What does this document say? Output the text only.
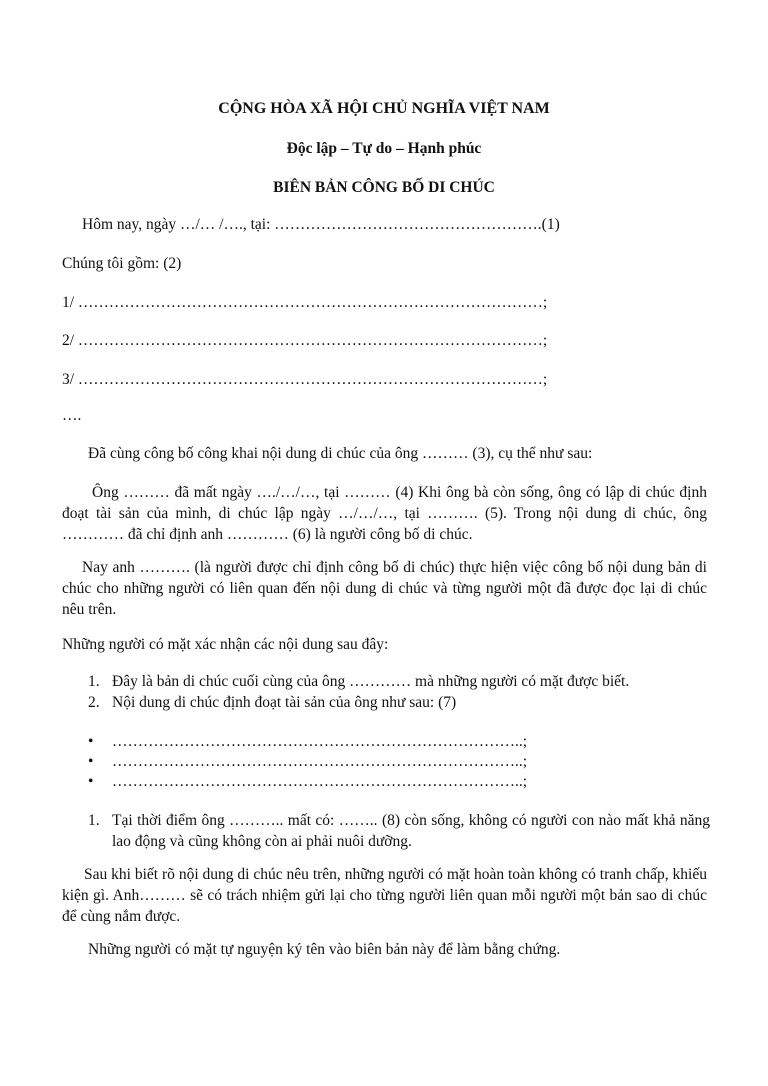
CỘNG HÒA XÃ HỘI CHỦ NGHĨA VIỆT NAM

Độc lập – Tự do – Hạnh phúc

BIÊN BẢN CÔNG BỐ DI CHÚC

Hôm nay, ngày …/… /…., tại: …………………………………………….(1)

Chúng tôi gồm: (2)

1/ ………………………………………………………………………………;

2/ ………………………………………………………………………………;

3/ ………………………………………………………………………………;

….

Đã cùng công bố công khai nội dung di chúc của ông ……… (3), cụ thể như sau:

Ông ……… đã mất ngày …./…/…, tại ……… (4) Khi ông bà còn sống, ông có lập di chúc định đoạt tài sản của mình, di chúc lập ngày …/…/…, tại ………. (5). Trong nội dung di chúc, ông ………… đã chỉ định anh ………… (6) là người công bố di chúc.

Nay anh ………. (là người được chỉ định công bố di chúc) thực hiện việc công bố nội dung bản di chúc cho những người có liên quan đến nội dung di chúc và từng người một đã được đọc lại di chúc nêu trên.

Những người có mặt xác nhận các nội dung sau đây:

1. Đây là bản di chúc cuối cùng của ông ………… mà những người có mặt được biết.

2. Nội dung di chúc định đoạt tài sản của ông như sau: (7)

• ……………………………………………………………………..;

• ……………………………………………………………………..;

• ……………………………………………………………………..;

1. Tại thời điểm ông ……….. mất có: …….. (8) còn sống, không có người con nào mất khả năng lao động và cũng không còn ai phải nuôi dưỡng.

Sau khi biết rõ nội dung di chúc nêu trên, những người có mặt hoàn toàn không có tranh chấp, khiếu kiện gì. Anh……… sẽ có trách nhiệm gửi lại cho từng người liên quan mỗi người một bản sao di chúc để cùng nắm được.

Những người có mặt tự nguyện ký tên vào biên bản này để làm bằng chứng.
